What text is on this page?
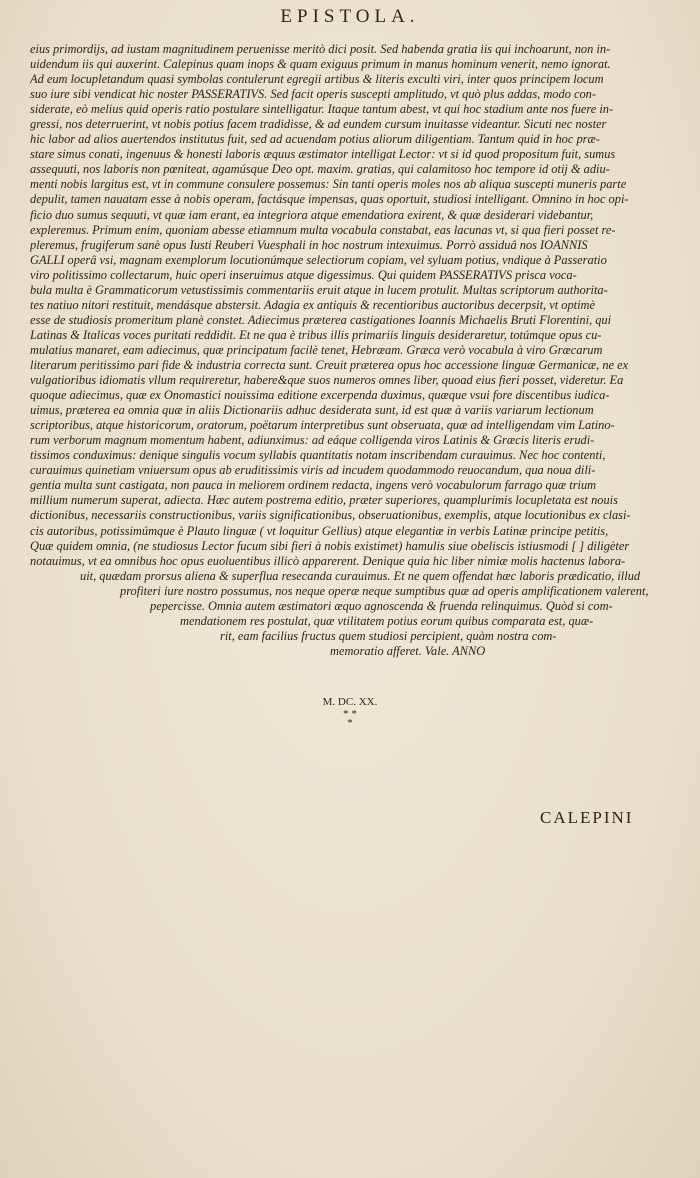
EPISTOLA.
eius primordijs, ad iustam magnitudinem peruenisse meritò dici posit. Sed habenda gratia iis qui inchoarunt, non in-
uidendum iis qui auxerint. Calepinus quam inops & quam exiguus primum in manus hominum venerit, nemo ignorat.
Ad eum locupletandum quasi symbolas contulerunt egregii artibus & literis exculti viri, inter quos principem locum
suo iure sibi vendicat hic noster PASSERATIVS. Sed facit operis suscepti amplitudo, vt quò plus addas, modo con-
siderate, eò melius quid operis ratio postulare sintelligatur. Itaque tantum abest, vt qui hoc stadium ante nos fuere in-
gressi, nos deterruerint, vt nobis potius facem tradidisse, & ad eundem cursum inuitasse videantur. Sicuti nec noster
hic labor ad alios auertendos institutus fuit, sed ad acuendam potius aliorum diligentiam. Tantum quid in hoc præ-
stare simus conati, ingenuus & honesti laboris æquus æstimator intelligat Lector: vt si id quod propositum fuit, sumus
assequuti, nos laboris non pœniteat, agamúsque Deo opt. maxim. gratias, qui calamitoso hoc tempore id otij & adiu-
menti nobis largitus est, vt in commune consulere possemus: Sin tanti operis moles nos ab aliqua suscepti muneris parte
depulit, tamen nauatam esse à nobis operam, factásque impensas, quas oportuit, studiosi intelligant. Omnino in hoc opi-
ficio duo sumus sequuti, vt quæ iam erant, ea integriora atque emendatiora exirent, & quæ desiderari videbantur,
expleremus. Primum enim, quoniam abesse etiamnum multa vocabula constabat, eas lacunas vt, si qua fieri posset re-
pleremus, frugiferum sanè opus Iusti Reuberi Vuesphali in hoc nostrum intexuimus. Porrò assiduâ nos IOANNIS
GALLI operâ vsi, magnam exemplorum locutionúmque selectiorum copiam, vel syluam potius, vndique à Passeratio
viro politissimo collectarum, huic operi inseruimus atque digessimus. Qui quidem PASSERATIVS prisca voca-
bula multa è Grammaticorum vetustissimis commentariis eruit atque in lucem protulit. Multas scriptorum authorita-
tes natiuo nitori restituit, mendásque abstersit. Adagia ex antiquis & recentioribus auctoribus decerpsit, vt optimè
esse de studiosis promeritum planè constet. Adiecimus præterea castigationes Ioannis Michaelis Bruti Florentini, qui
Latinas & Italicas voces puritati reddidit. Et ne qua è tribus illis primariis linguis desideraretur, totúmque opus cu-
mulatius manaret, eam adiecimus, quæ principatum facilè tenet, Hebræam. Græca verò vocabula à viro Græcarum
literarum peritissimo pari fide & industria correcta sunt. Creuit præterea opus hoc accessione linguæ Germanicæ, ne ex
vulgatioribus idiomatis vllum requireretur, habere&que suos numeros omnes liber, quoad eius fieri posset, videretur. Ea
quoque adiecimus, quæ ex Onomastici nouissima editione excerpenda duximus, quæque vsui fore discentibus iudica-
uimus, præterea ea omnia quæ in aliis Dictionariis adhuc desiderata sunt, id est quæ à variis variarum lectionum
scriptoribus, atque historicorum, oratorum, poëtarum interpretibus sunt obseruata, quæ ad intelligendam vim Latino-
rum verborum magnum momentum habent, adiunximus: ad eáque colligenda viros Latinis & Græcis literis erudi-
tissimos conduximus: denique singulis vocum syllabis quantitatis notam inscribendam curauimus. Nec hoc contenti,
curauimus quinetiam vniuersum opus ab eruditissimis viris ad incudem quodammodo reuocandum, qua noua dili-
gentia multa sunt castigata, non pauca in meliorem ordinem redacta, ingens verò vocabulorum farrago quæ trium
millium numerum superat, adiecta. Hæc autem postrema editio, præter superiores, quamplurimis locupletata est nouis
dictionibus, necessariis constructionibus, variis significationibus, obseruationibus, exemplis, atque locutionibus ex clasi-
cis autoribus, potissimúmque è Plauto linguæ ( vt loquitur Gellius) atque elegantiæ in verbis Latinæ principe petitis,
Quæ quidem omnia, (ne studiosus Lector fucum sibi fieri à nobis existimet) hamulis siue obeliscis istiusmodi [ ] diligèter
notauimus, vt ea omnibus hoc opus euoluentibus illicò apparerent. Denique quia hic liber nimiæ molis hactenus labora-
uit, quædam prorsus aliena & superflua resecanda curauimus. Et ne quem offendat hæc laboris prædicatio, illud
profiteri iure nostro possumus, nos neque operæ neque sumptibus quæ ad operis amplificationem valerent,
pepercisse. Omnia autem æstimatori æquo agnoscenda & fruenda relinquimus. Quòd si com-
mendationem res postulat, quæ vtilitatem potius eorum quibus comparata est, quæ-
rit, eam facilius fructus quem studiosi percipient, quàm nostra com-
memoratio afferet. Vale. ANNO
M. DC. XX.
* *
*
CALEPINI
